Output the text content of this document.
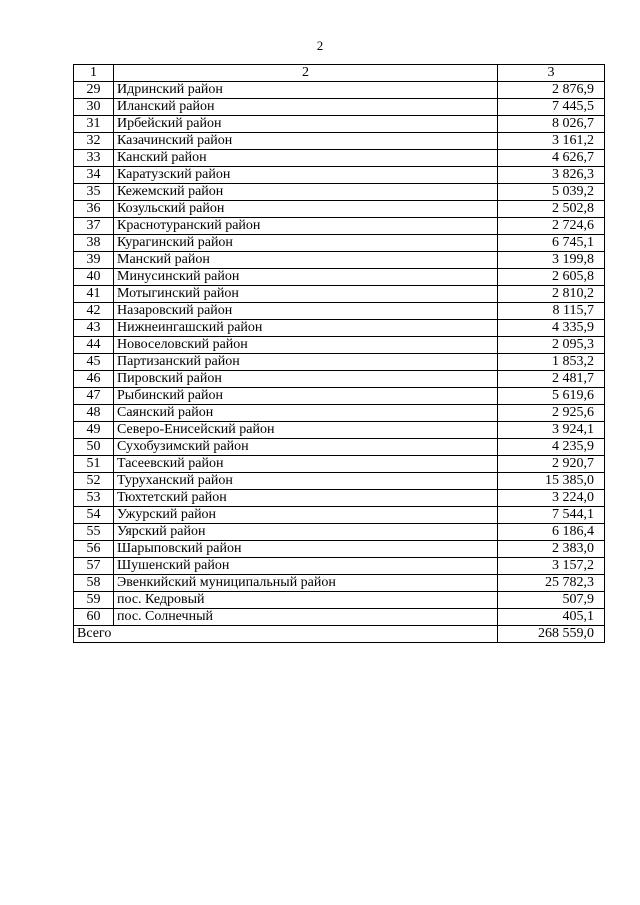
2
1	2	3
29	Идринский район	2 876,9
30	Иланский район	7 445,5
31	Ирбейский район	8 026,7
32	Казачинский район	3 161,2
33	Канский район	4 626,7
34	Каратузский район	3 826,3
35	Кежемский район	5 039,2
36	Козульский район	2 502,8
37	Краснотуранский район	2 724,6
38	Курагинский район	6 745,1
39	Манский район	3 199,8
40	Минусинский район	2 605,8
41	Мотыгинский район	2 810,2
42	Назаровский район	8 115,7
43	Нижнеингашский район	4 335,9
44	Новоселовский район	2 095,3
45	Партизанский район	1 853,2
46	Пировский район	2 481,7
47	Рыбинский район	5 619,6
48	Саянский район	2 925,6
49	Северо-Енисейский район	3 924,1
50	Сухобузимский район	4 235,9
51	Тасеевский район	2 920,7
52	Туруханский район	15 385,0
53	Тюхтетский район	3 224,0
54	Ужурский район	7 544,1
55	Уярский район	6 186,4
56	Шарыповский район	2 383,0
57	Шушенский район	3 157,2
58	Эвенкийский муниципальный район	25 782,3
59	пос. Кедровый	507,9
60	пос. Солнечный	405,1
Всего		268 559,0
